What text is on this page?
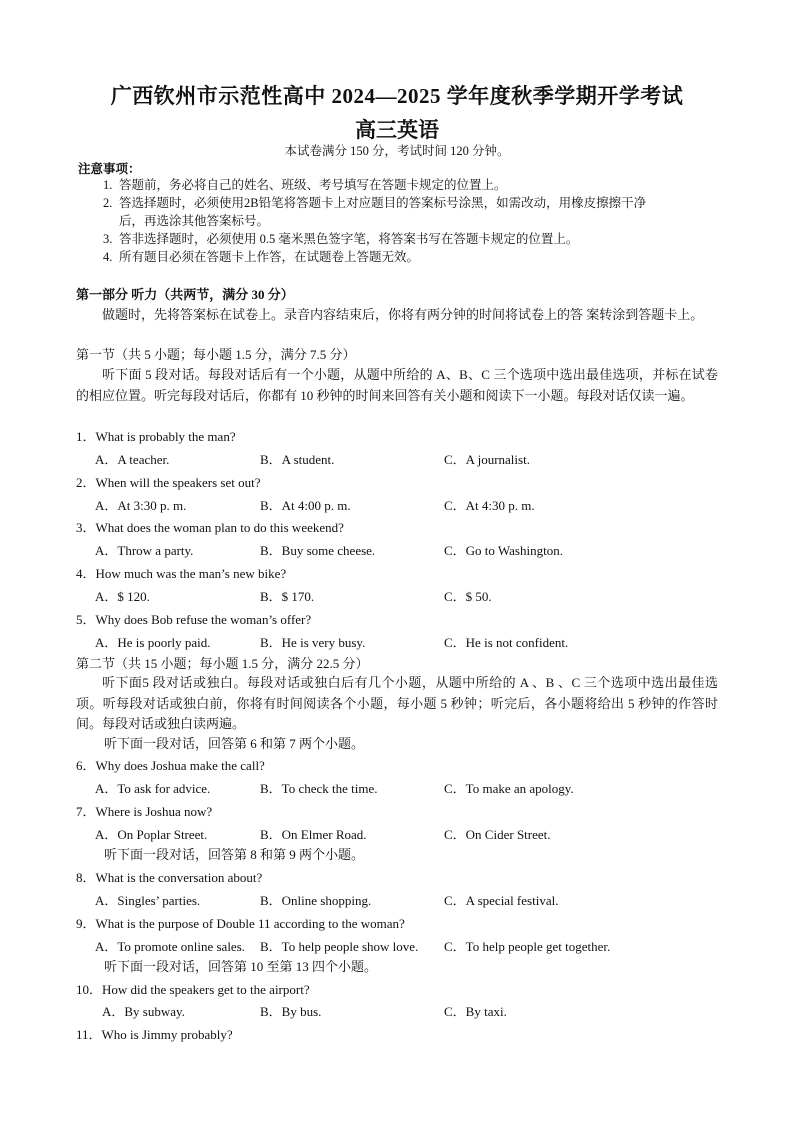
广西钦州市示范性高中 2024—2025 学年度秋季学期开学考试
高三英语
本试卷满分 150 分，考试时间 120 分钟。
注意事项：
1. 答题前，务必将自己的姓名、班级、考号填写在答题卡规定的位置上。
2. 答选择题时，必须使用2B铅笔将答题卡上对应题目的答案标号涂黑，如需改动，用橡皮擦擦干净
后，再选涂其他答案标号。
3. 答非选择题时，必须使用 0.5 毫米黑色签字笔，将答案书写在答题卡规定的位置上。
4. 所有题目必须在答题卡上作答，在试题卷上答题无效。
第一部分 听力（共两节，满分 30 分）
做题时，先将答案标在试卷上。录音内容结束后，你将有两分钟的时间将试卷上的答 案转涂到答题卡上。
第一节（共 5 小题；每小题 1.5 分，满分 7.5 分）
听下面 5 段对话。每段对话后有一个小题，从题中所给的 A、B、C 三个选项中选出最佳选项，并标在试卷的相应位置。听完每段对话后，你都有 10 秒钟的时间来回答有关小题和阅读下一小题。每段对话仅读一遍。
1．What is probably the man?
A．A teacher.	B．A student.	C．A journalist.
2．When will the speakers set out?
A．At 3:30 p. m.	B．At 4:00 p. m.	C．At 4:30 p. m.
3．What does the woman plan to do this weekend?
A．Throw a party.	B．Buy some cheese.	C．Go to Washington.
4．How much was the man’s new bike?
A．$ 120.	B．$ 170.	C．$ 50.
5．Why does Bob refuse the woman’s offer?
A．He is poorly paid.	B．He is very busy.	C．He is not confident.
第二节（共 15 小题；每小题 1.5 分，满分 22.5 分）
听下面5 段对话或独白。每段对话或独白后有几个小题，从题中所给的 A 、B 、C 三个选项中选出最佳选项。听每段对话或独白前，你将有时间阅读各个小题，每小题 5 秒钟；听完后，各小题将给出 5 秒钟的作答时间。每段对话或独白读两遍。
听下面一段对话，回答第 6 和第 7 两个小题。
6．Why does Joshua make the call?
A．To ask for advice.	B．To check the time.	C．To make an apology.
7．Where is Joshua now?
A．On Poplar Street.	B．On Elmer Road.	C．On Cider Street.
听下面一段对话，回答第 8 和第 9 两个小题。
8．What is the conversation about?
A．Singles’ parties.	B．Online shopping.	C．A special festival.
9．What is the purpose of Double 11 according to the woman?
A．To promote online sales. B．To help people show love. C．To help people get together.
听下面一段对话，回答第 10 至第 13 四个小题。
10．How did the speakers get to the airport?
A．By subway.	B．By bus.	C．By taxi.
11．Who is Jimmy probably?
